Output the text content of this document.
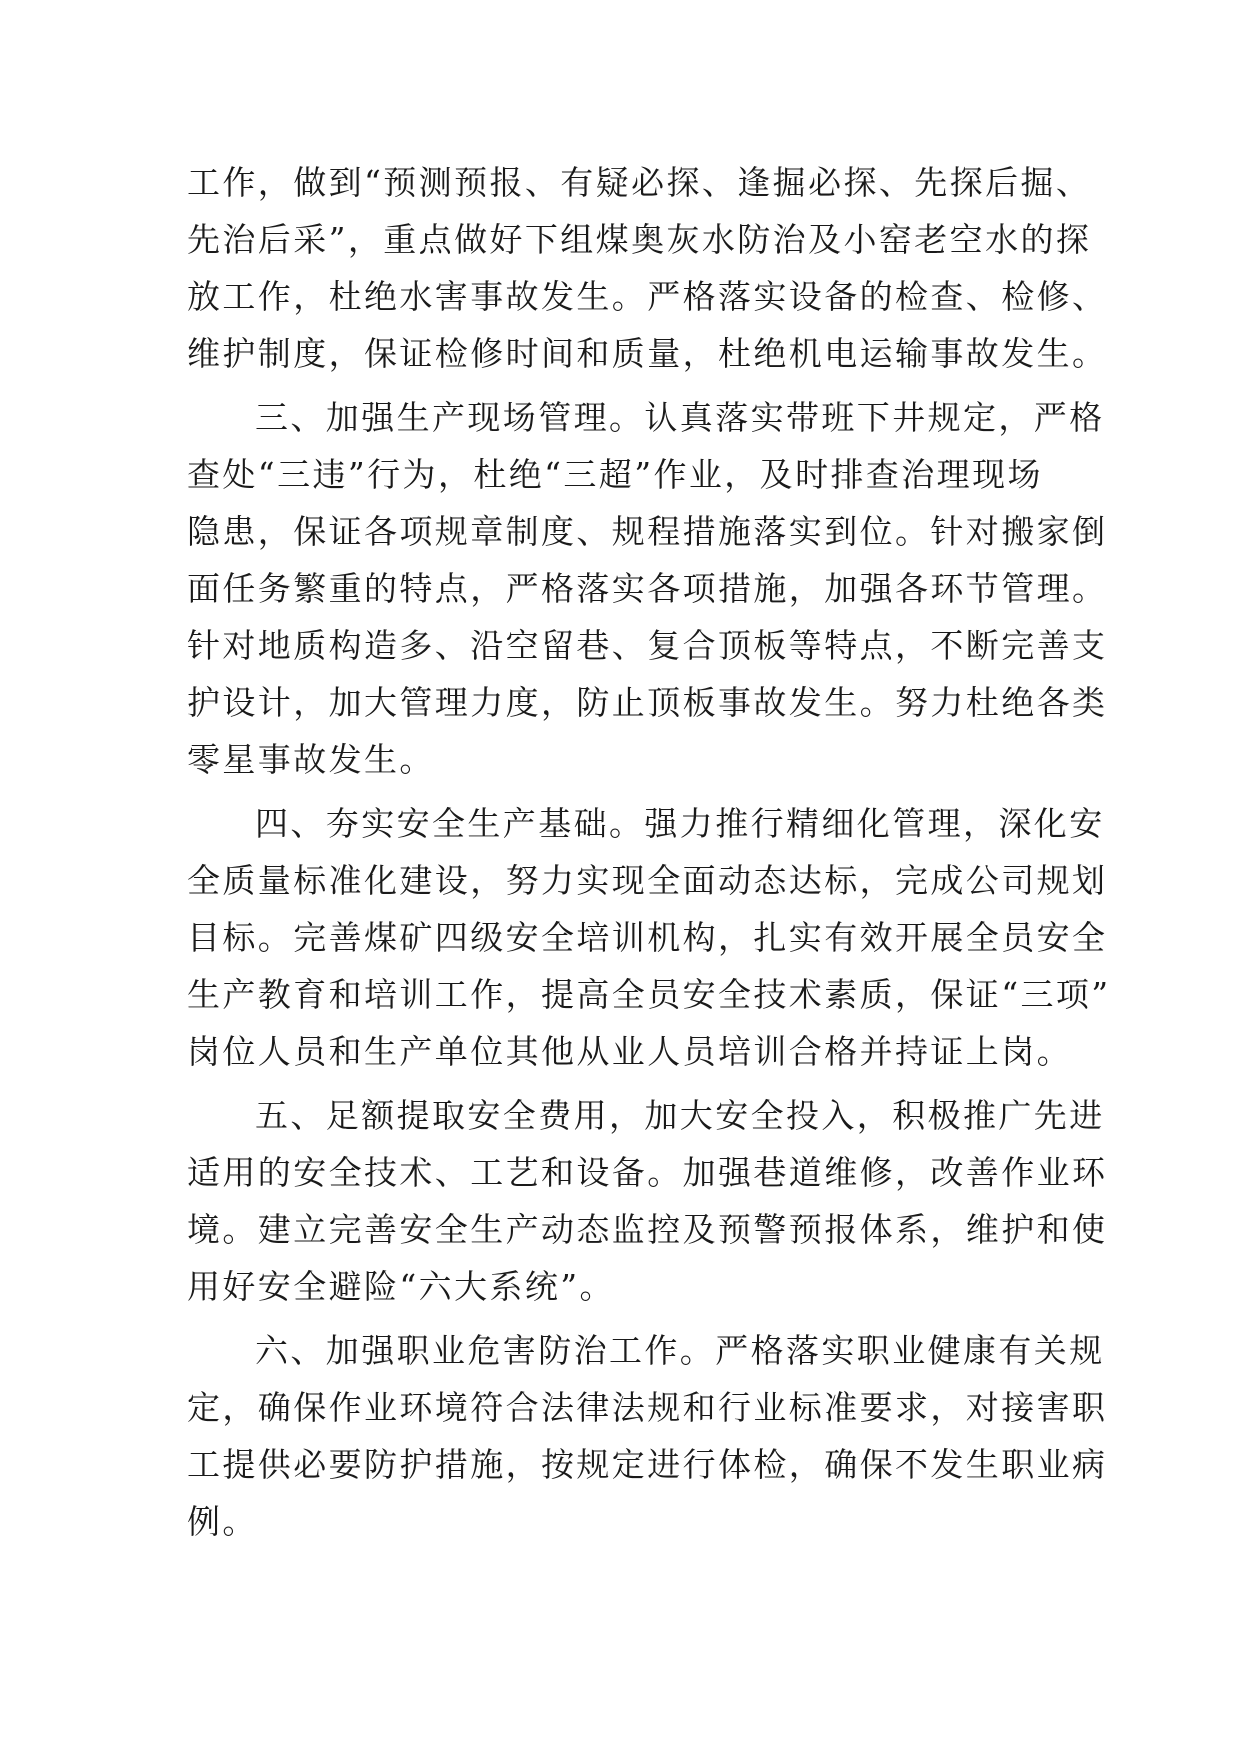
工作，做到“预测预报、有疑必探、逢掘必探、先探后掘、
先治后采”，重点做好下组煤奥灰水防治及小窑老空水的探
放工作，杜绝水害事故发生。严格落实设备的检查、检修、
维护制度，保证检修时间和质量，杜绝机电运输事故发生。
三、加强生产现场管理。认真落实带班下井规定，严格
查处“三违”行为，杜绝“三超”作业，及时排查治理现场
隐患，保证各项规章制度、规程措施落实到位。针对搬家倒
面任务繁重的特点，严格落实各项措施，加强各环节管理。
针对地质构造多、沿空留巷、复合顶板等特点，不断完善支
护设计，加大管理力度，防止顶板事故发生。努力杜绝各类
零星事故发生。
四、夯实安全生产基础。强力推行精细化管理，深化安
全质量标准化建设，努力实现全面动态达标，完成公司规划
目标。完善煤矿四级安全培训机构，扎实有效开展全员安全
生产教育和培训工作，提高全员安全技术素质，保证“三项”
岗位人员和生产单位其他从业人员培训合格并持证上岗。
五、足额提取安全费用，加大安全投入，积极推广先进
适用的安全技术、工艺和设备。加强巷道维修，改善作业环
境。建立完善安全生产动态监控及预警预报体系，维护和使
用好安全避险“六大系统”。
六、加强职业危害防治工作。严格落实职业健康有关规
定，确保作业环境符合法律法规和行业标准要求，对接害职
工提供必要防护措施，按规定进行体检，确保不发生职业病
例。
